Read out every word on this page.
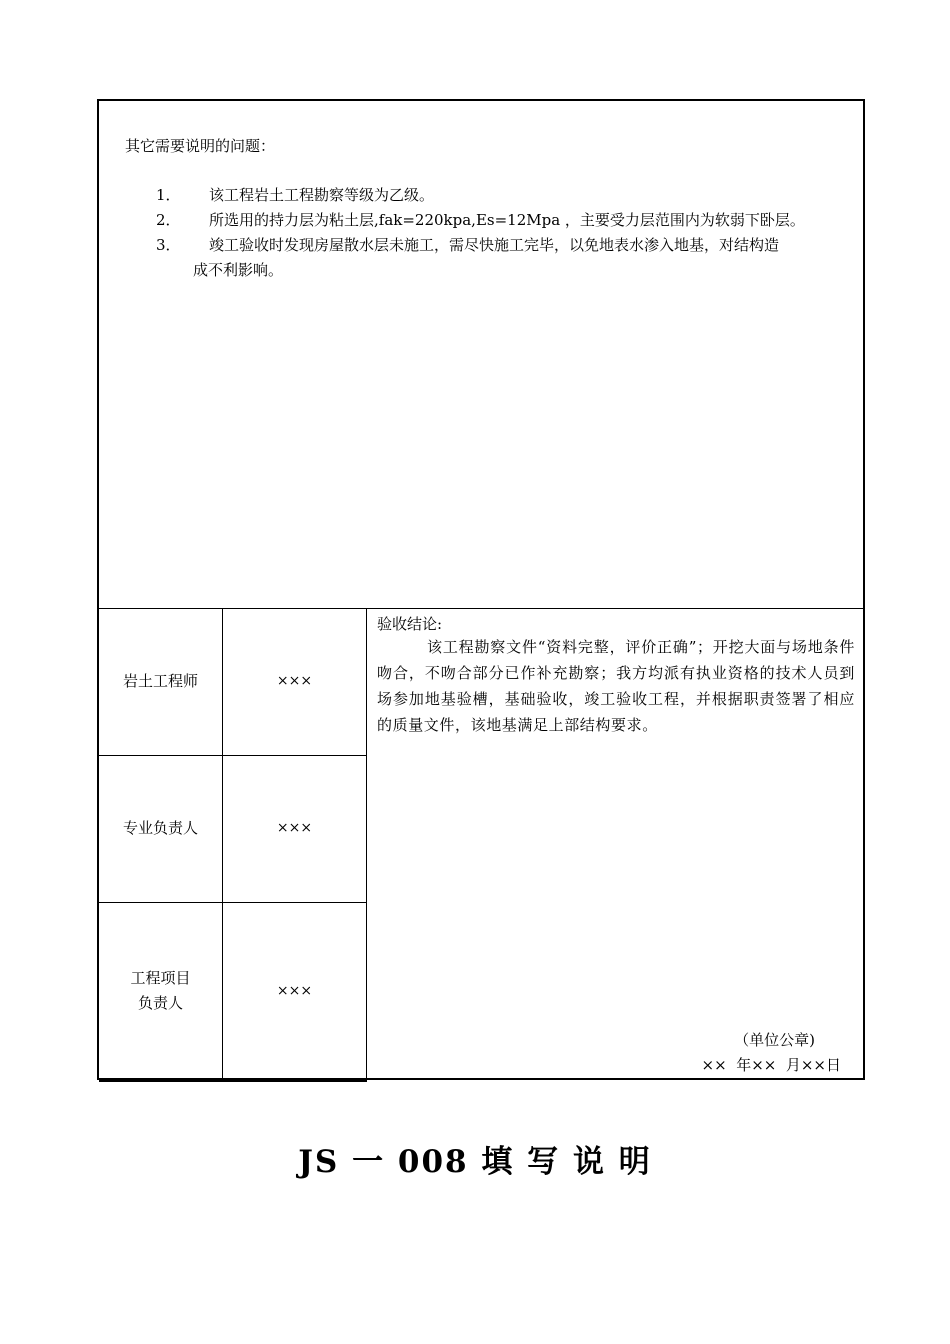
其它需要说明的问题：
1． 该工程岩土工程勘察等级为乙级。
2． 所选用的持力层为粘土层,fak=220kpa,Es=12Mpa ，主要受力层范围内为软弱下卧层。
3． 竣工验收时发现房屋散水层未施工，需尽快施工完毕，以免地表水渗入地基，对结构造
成不利影响。
岩土工程师	×××
专业负责人	×××
工程项目
负责人
×××
验收结论:
该工程勘察文件“资料完整，评价正确”；开挖大面与场地条件吻合，不吻合部分已作补充勘察；我方均派有执业资格的技术人员到场参加地基验槽，基础验收，竣工验收工程，并根据职责签署了相应的质量文件，该地基满足上部结构要求。
（单位公章)
××  年××  月××日
JS 一 008 填 写 说 明
